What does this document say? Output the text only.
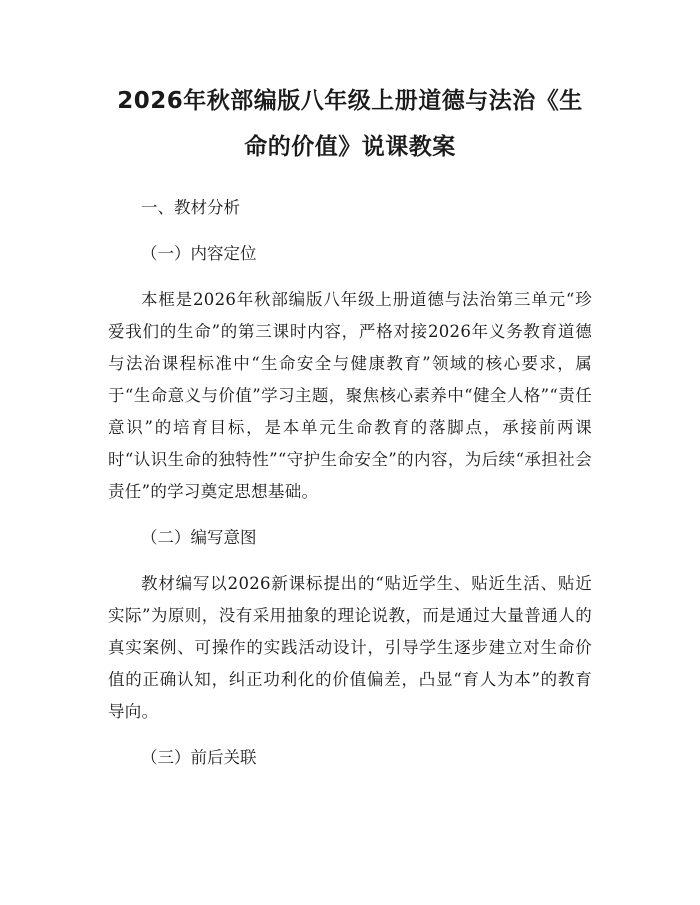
2026年秋部编版八年级上册道德与法治《生
命的价值》说课教案

一、教材分析

（一）内容定位

本框是2026年秋部编版八年级上册道德与法治第三单元“珍爱我们的生命”的第三课时内容，严格对接2026年义务教育道德与法治课程标准中“生命安全与健康教育”领域的核心要求，属于“生命意义与价值”学习主题，聚焦核心素养中“健全人格”“责任意识”的培育目标，是本单元生命教育的落脚点，承接前两课时“认识生命的独特性”“守护生命安全”的内容，为后续“承担社会责任”的学习奠定思想基础。

（二）编写意图

教材编写以2026新课标提出的“贴近学生、贴近生活、贴近实际”为原则，没有采用抽象的理论说教，而是通过大量普通人的真实案例、可操作的实践活动设计，引导学生逐步建立对生命价值的正确认知，纠正功利化的价值偏差，凸显“育人为本”的教育导向。

（三）前后关联
